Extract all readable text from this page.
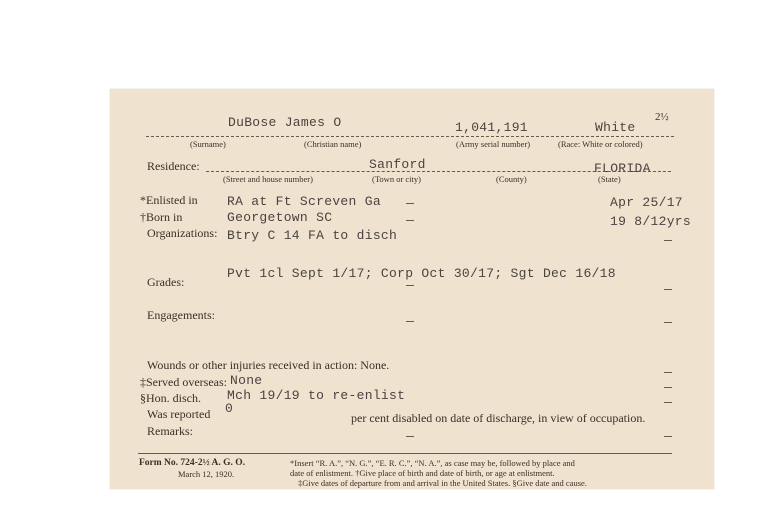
DuBose James O	1,041,191	White
2½
(Surname)	(Christian name)	(Army serial number)	(Race: White or colored)
Residence:	Sanford	FLORIDA
(Street and house number)	(Town or city)	(County)	(State)
*Enlisted in RA at Ft Screven Ga	Apr 25/17
†Born in	Georgetown SC	19 8/12yrs
Organizations: Btry C 14 FA to disch
Grades:
Pvt 1cl Sept 1/17; Corp Oct 30/17; Sgt Dec 16/18
Engagements:
Wounds or other injuries received in action: None.
‡Served overseas: None
§Hon. disch. Mch 19/19 to re-enlist
Was reported 0
per cent disabled on date of discharge, in view of occupation.
Remarks:
Form No. 724-2½ A. G. O.
March 12, 1920.
*Insert “R. A.”, “N. G.”, “E. R. C.”, “N. A.”, as case may be, followed by place and
date of enlistment. †Give place of birth and date of birth, or age at enlistment.
‡Give dates of departure from and arrival in the United States. §Give date and cause.
